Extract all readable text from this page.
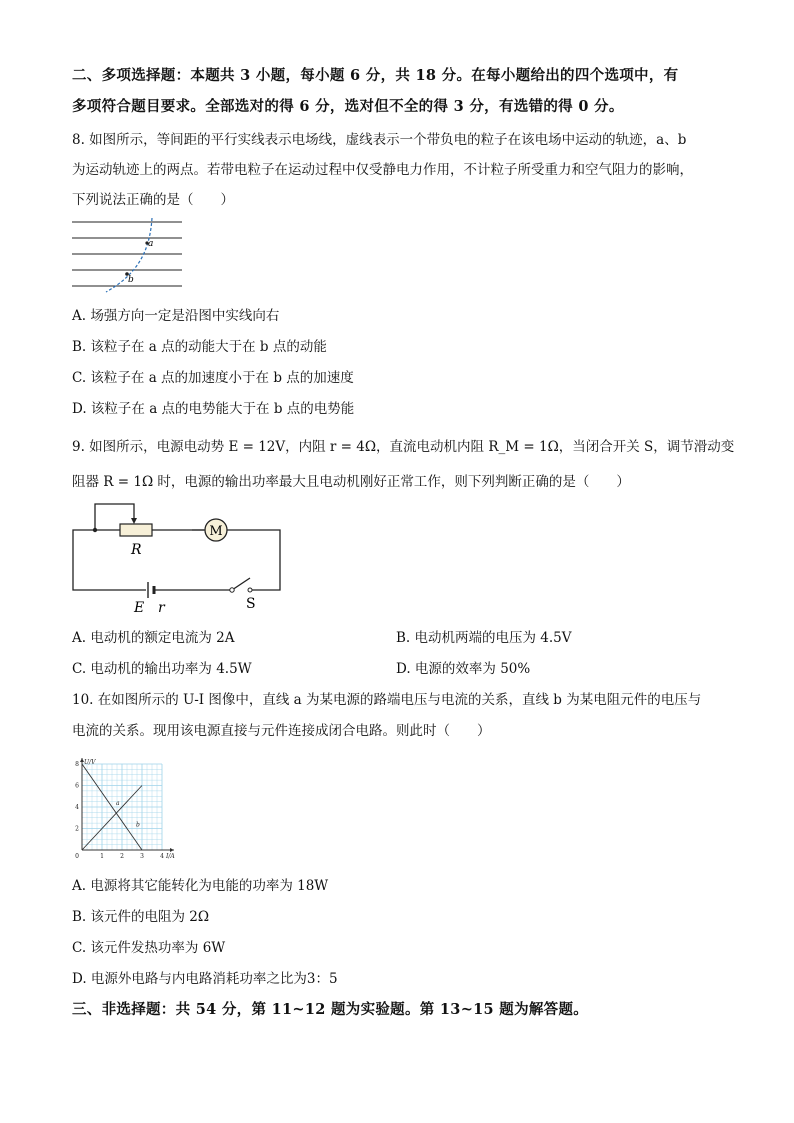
二、多项选择题：本题共 3 小题，每小题 6 分，共 18 分。在每小题给出的四个选项中，有
多项符合题目要求。全部选对的得 6 分，选对但不全的得 3 分，有选错的得 0 分。
8. 如图所示，等间距的平行实线表示电场线，虚线表示一个带负电的粒子在该电场中运动的轨迹，a、b
为运动轨迹上的两点。若带电粒子在运动过程中仅受静电力作用，不计粒子所受重力和空气阻力的影响，
下列说法正确的是（　　）
a
b
A. 场强方向一定是沿图中实线向右
B. 该粒子在 a 点的动能大于在 b 点的动能
C. 该粒子在 a 点的加速度小于在 b 点的加速度
D. 该粒子在 a 点的电势能大于在 b 点的电势能
9. 如图所示，电源电动势 E = 12V，内阻 r = 4Ω，直流电动机内阻 R_M = 1Ω，当闭合开关 S，调节滑动变
阻器 R = 1Ω 时，电源的输出功率最大且电动机刚好正常工作，则下列判断正确的是（　　）
M
R
E r	S
A. 电动机的额定电流为 2A	B. 电动机两端的电压为 4.5V
C. 电动机的输出功率为 4.5W	D. 电源的效率为 50%
10. 在如图所示的 U-I 图像中，直线 a 为某电源的路端电压与电流的关系，直线 b 为某电阻元件的电压与
电流的关系。现用该电源直接与元件连接成闭合电路。则此时（　　）
0	1	2	3	4
2
4
6
8
I/A
U/V
a
b
A. 电源将其它能转化为电能的功率为 18W
B. 该元件的电阻为 2Ω
C. 该元件发热功率为 6W
D. 电源外电路与内电路消耗功率之比为3：5
三、非选择题：共 54 分，第 11~12 题为实验题。第 13~15 题为解答题。
